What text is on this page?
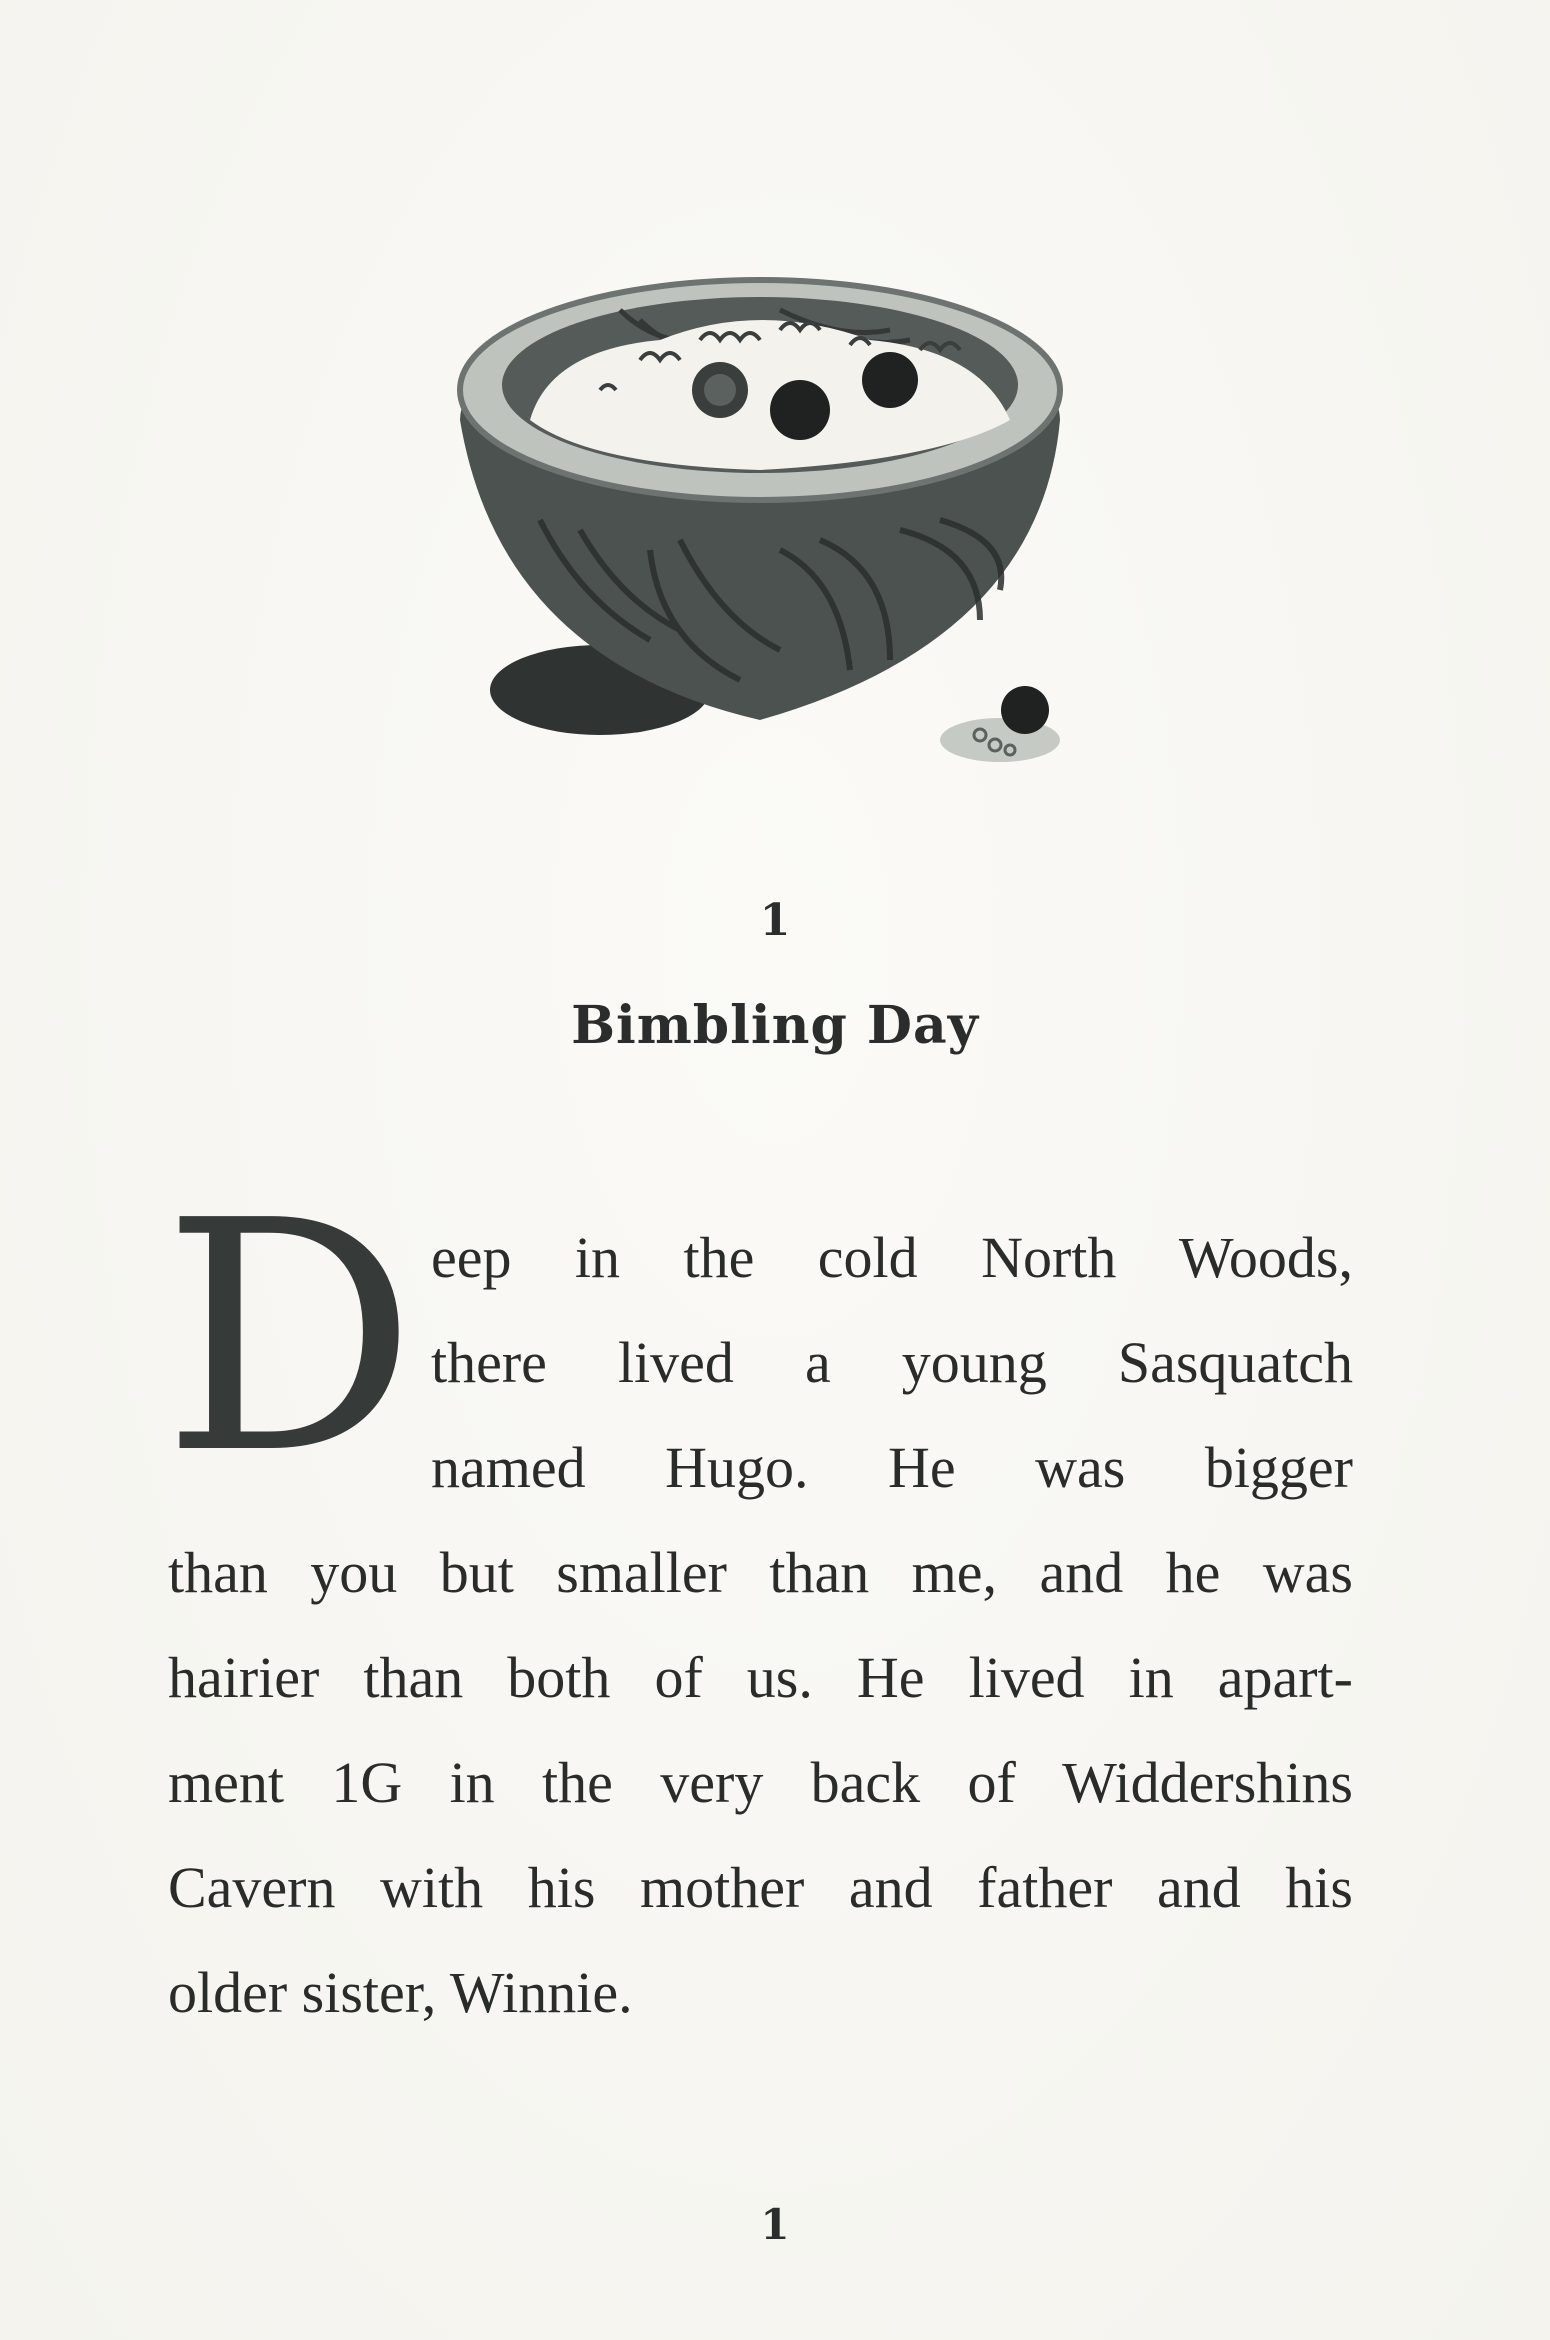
1
Bimbling Day
D eep in the cold North Woods,
there lived a young Sasquatch
named Hugo. He was bigger
than you but smaller than me, and he was
hairier than both of us. He lived in apart-
ment 1G in the very back of Widdershins
Cavern with his mother and father and his
older sister, Winnie.
1
